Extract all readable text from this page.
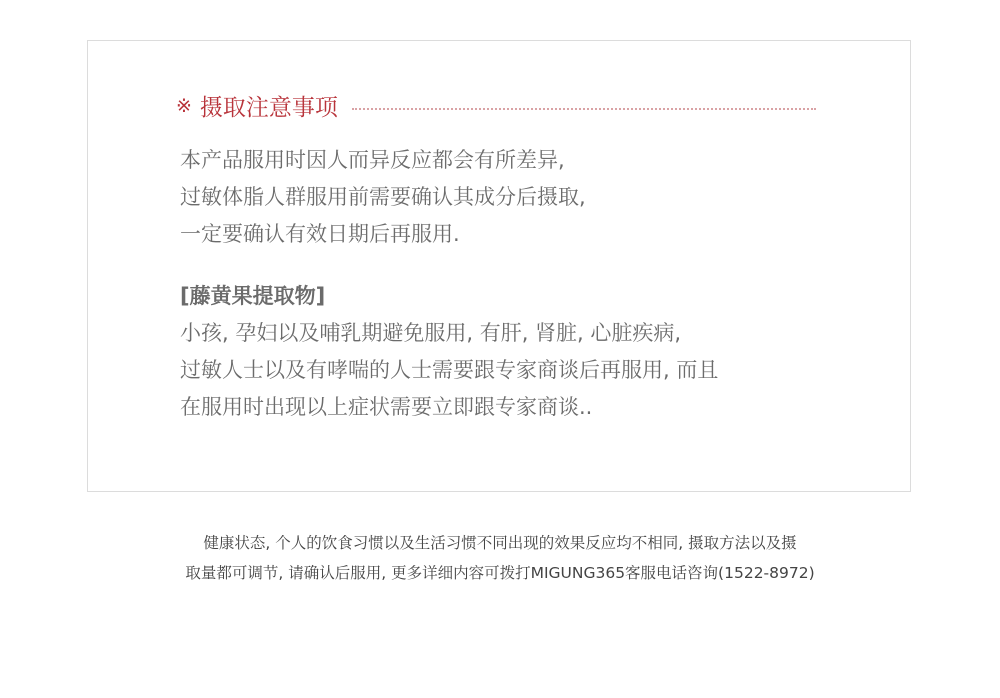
※ 摄取注意事项
本产品服用时因人而异反应都会有所差异,
过敏体脂人群服用前需要确认其成分后摄取,
一定要确认有效日期后再服用.
[藤黄果提取物]
小孩, 孕妇以及哺乳期避免服用, 有肝, 肾脏, 心脏疾病,
过敏人士以及有哮喘的人士需要跟专家商谈后再服用, 而且
在服用时出现以上症状需要立即跟专家商谈..
健康状态, 个人的饮食习惯以及生活习惯不同出现的效果反应均不相同, 摄取方法以及摄
取量都可调节, 请确认后服用, 更多详细内容可拨打MIGUNG365客服电话咨询(1522-8972)
